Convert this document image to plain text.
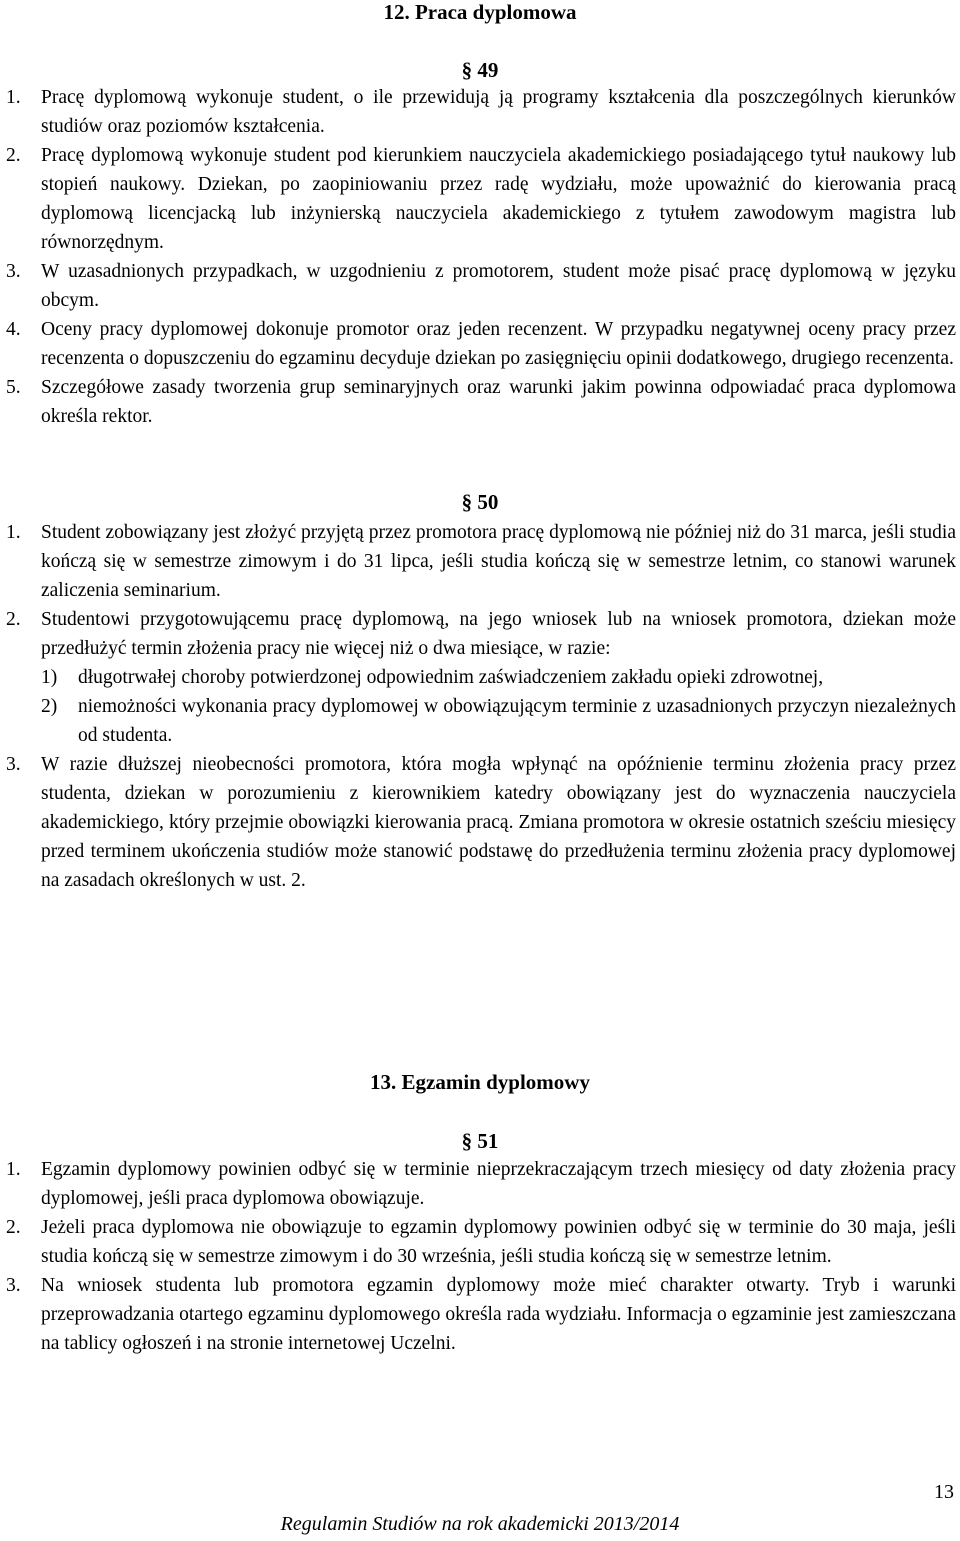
12. Praca dyplomowa
§ 49
1. Pracę dyplomową wykonuje student, o ile przewidują ją programy kształcenia dla poszczególnych kierunków studiów oraz poziomów kształcenia.
2. Pracę dyplomową wykonuje student pod kierunkiem nauczyciela akademickiego posiadającego tytuł naukowy lub stopień naukowy. Dziekan, po zaopiniowaniu przez radę wydziału, może upoważnić do kierowania pracą dyplomową licencjacką lub inżynierską nauczyciela akademickiego z tytułem zawodowym magistra lub równorzędnym.
3. W uzasadnionych przypadkach, w uzgodnieniu z promotorem, student może pisać pracę dyplomową w języku obcym.
4. Oceny pracy dyplomowej dokonuje promotor oraz jeden recenzent. W przypadku negatywnej oceny pracy przez recenzenta o dopuszczeniu do egzaminu decyduje dziekan po zasięgnięciu opinii dodatkowego, drugiego recenzenta.
5. Szczegółowe zasady tworzenia grup seminaryjnych oraz warunki jakim powinna odpowiadać praca dyplomowa określa rektor.
§ 50
1. Student zobowiązany jest złożyć przyjętą przez promotora pracę dyplomową nie później niż do 31 marca, jeśli studia kończą się w semestrze zimowym i do 31 lipca, jeśli studia kończą się w semestrze letnim, co stanowi warunek zaliczenia seminarium.
2. Studentowi przygotowującemu pracę dyplomową, na jego wniosek lub na wniosek promotora, dziekan może przedłużyć termin złożenia pracy nie więcej niż o dwa miesiące, w razie:
1) długotrwałej choroby potwierdzonej odpowiednim zaświadczeniem zakładu opieki zdrowotnej,
2) niemożności wykonania pracy dyplomowej w obowiązującym terminie z uzasadnionych przyczyn niezależnych od studenta.
3. W razie dłuższej nieobecności promotora, która mogła wpłynąć na opóźnienie terminu złożenia pracy przez studenta, dziekan w porozumieniu z kierownikiem katedry obowiązany jest do wyznaczenia nauczyciela akademickiego, który przejmie obowiązki kierowania pracą. Zmiana promotora w okresie ostatnich sześciu miesięcy przed terminem ukończenia studiów może stanowić podstawę do przedłużenia terminu złożenia pracy dyplomowej na zasadach określonych w ust. 2.
13. Egzamin dyplomowy
§ 51
1. Egzamin dyplomowy powinien odbyć się w terminie nieprzekraczającym trzech miesięcy od daty złożenia pracy dyplomowej, jeśli praca dyplomowa obowiązuje.
2. Jeżeli praca dyplomowa nie obowiązuje to egzamin dyplomowy powinien odbyć się w terminie do 30 maja, jeśli studia kończą się w semestrze zimowym i do 30 września, jeśli studia kończą się w semestrze letnim.
3. Na wniosek studenta lub promotora egzamin dyplomowy może mieć charakter otwarty. Tryb i warunki przeprowadzania otartego egzaminu dyplomowego określa rada wydziału. Informacja o egzaminie jest zamieszczana na tablicy ogłoszeń i na stronie internetowej Uczelni.
13
Regulamin Studiów na rok akademicki 2013/2014
